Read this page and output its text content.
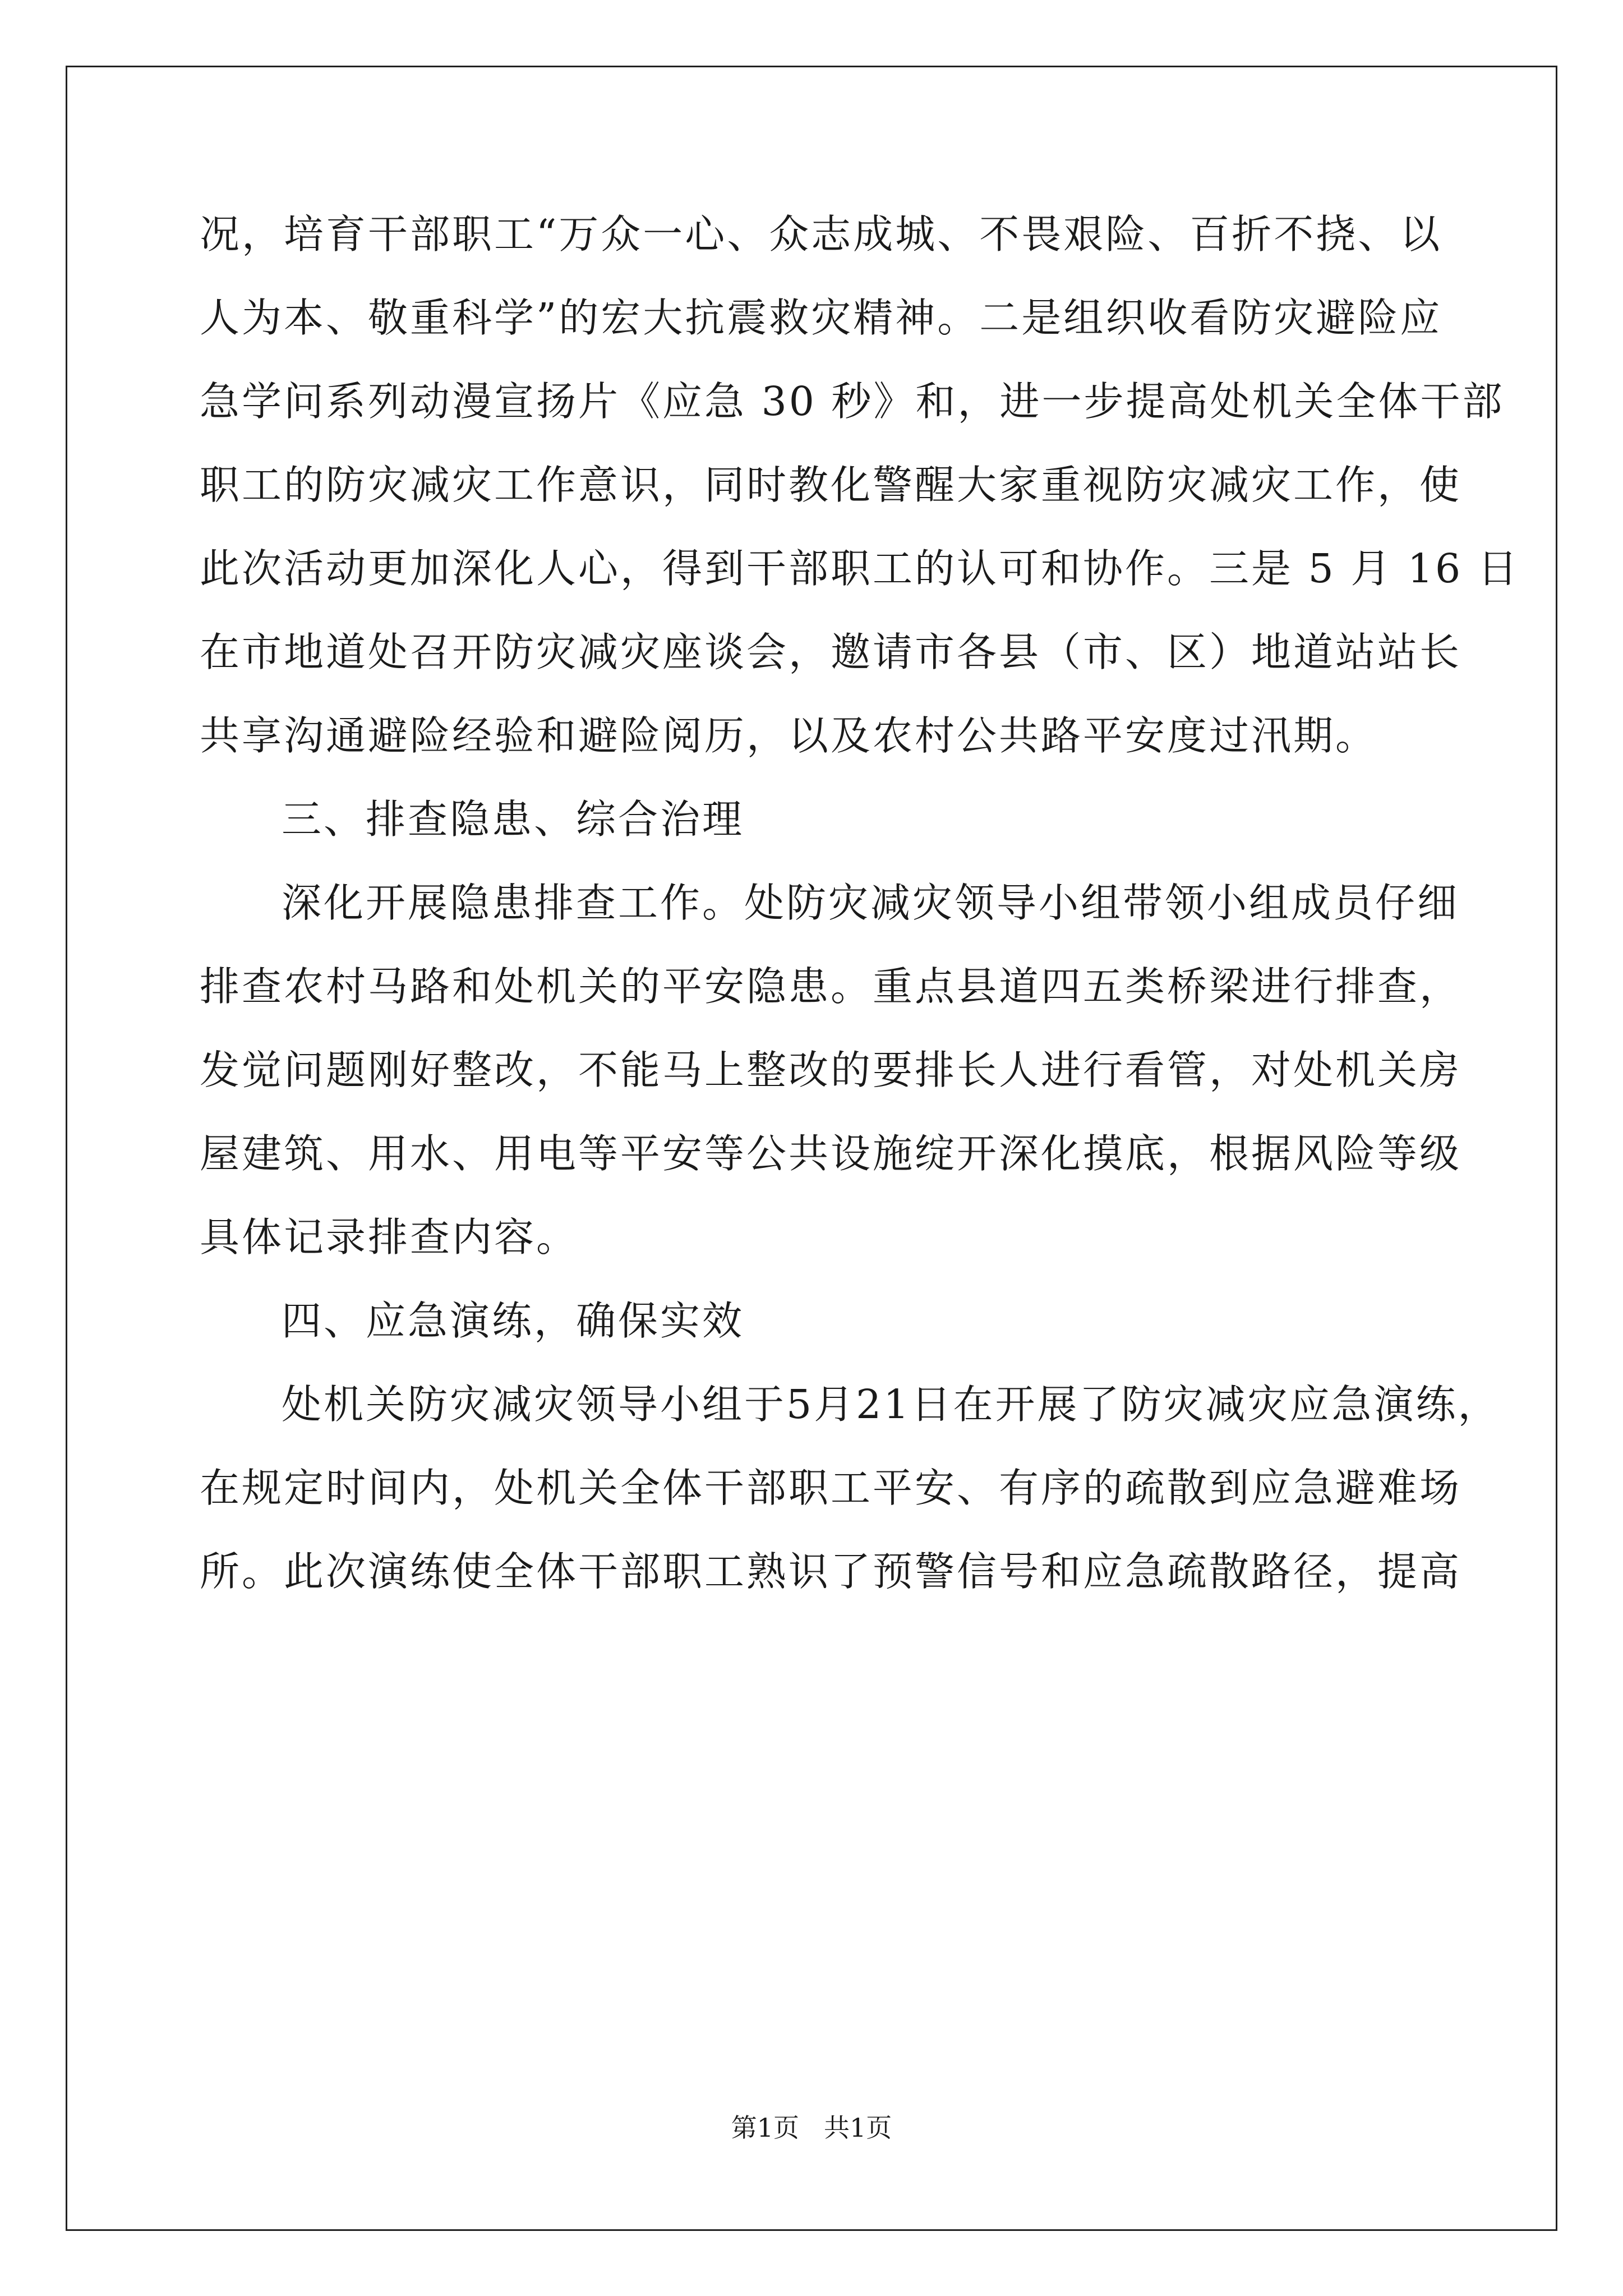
况，培育干部职工“万众一心、众志成城、不畏艰险、百折不挠、以
人为本、敬重科学”的宏大抗震救灾精神。二是组织收看防灾避险应
急学问系列动漫宣扬片《应急 30 秒》和，进一步提高处机关全体干部
职工的防灾减灾工作意识，同时教化警醒大家重视防灾减灾工作，使
此次活动更加深化人心，得到干部职工的认可和协作。三是 5 月 16 日
在市地道处召开防灾减灾座谈会，邀请市各县（市、区）地道站站长
共享沟通避险经验和避险阅历，以及农村公共路平安度过汛期。
三、排查隐患、综合治理
深化开展隐患排查工作。处防灾减灾领导小组带领小组成员仔细
排查农村马路和处机关的平安隐患。重点县道四五类桥梁进行排查，
发觉问题刚好整改，不能马上整改的要排长人进行看管，对处机关房
屋建筑、用水、用电等平安等公共设施绽开深化摸底，根据风险等级
具体记录排查内容。
四、应急演练，确保实效
处机关防灾减灾领导小组于5月21日在开展了防灾减灾应急演练，
在规定时间内，处机关全体干部职工平安、有序的疏散到应急避难场
所。此次演练使全体干部职工熟识了预警信号和应急疏散路径，提高
第1页 共1页
